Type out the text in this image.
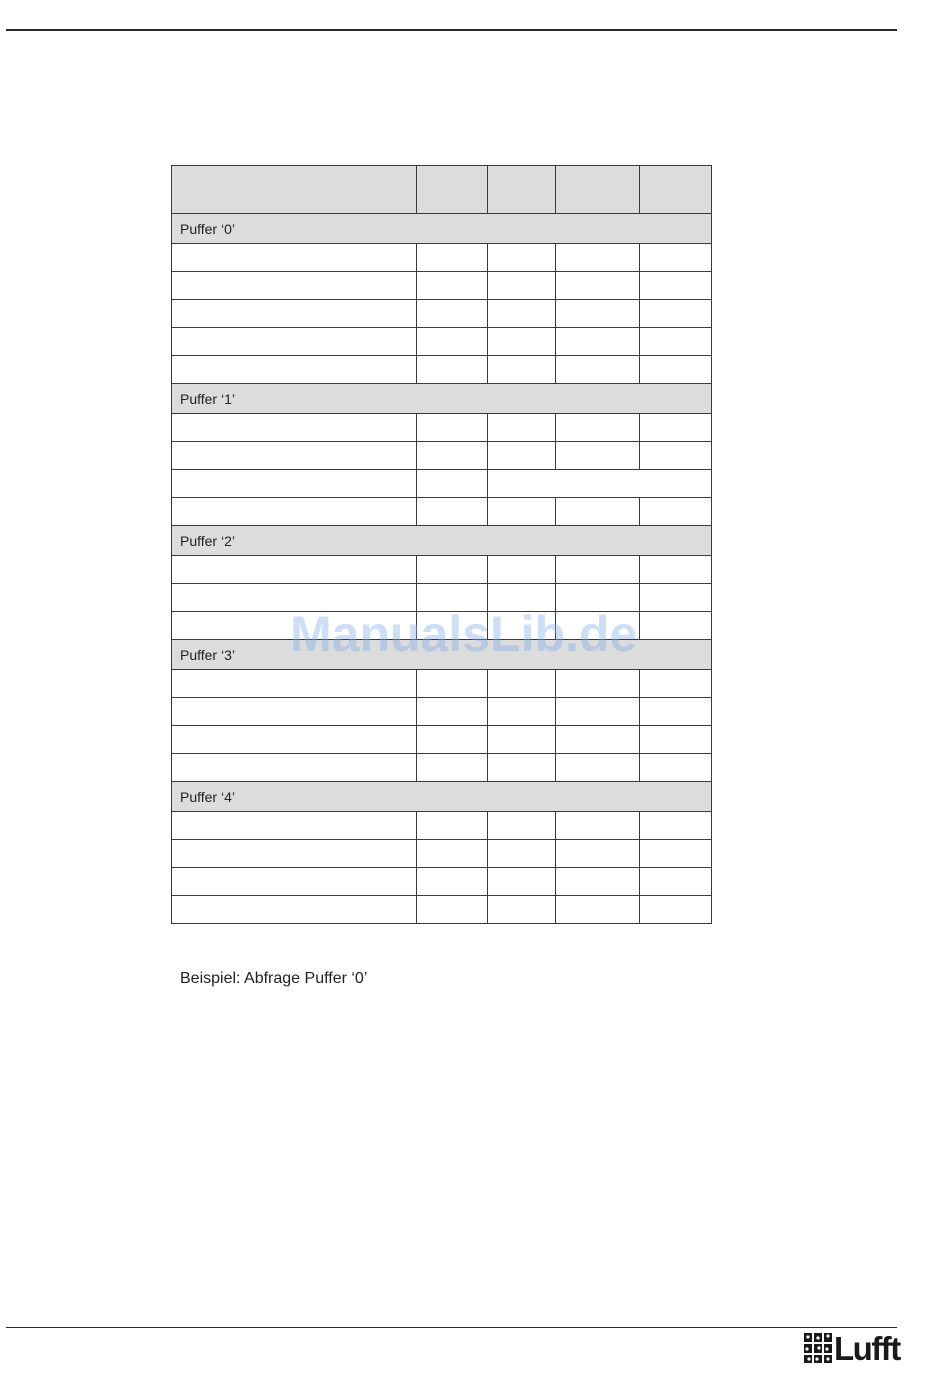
Puffer ‘0’				

Puffer ‘1’				

Puffer ‘2’				

Puffer ‘3’				

Puffer ‘4’				

ManualsLib.de
Beispiel: Abfrage Puffer ‘0’
Lufft
